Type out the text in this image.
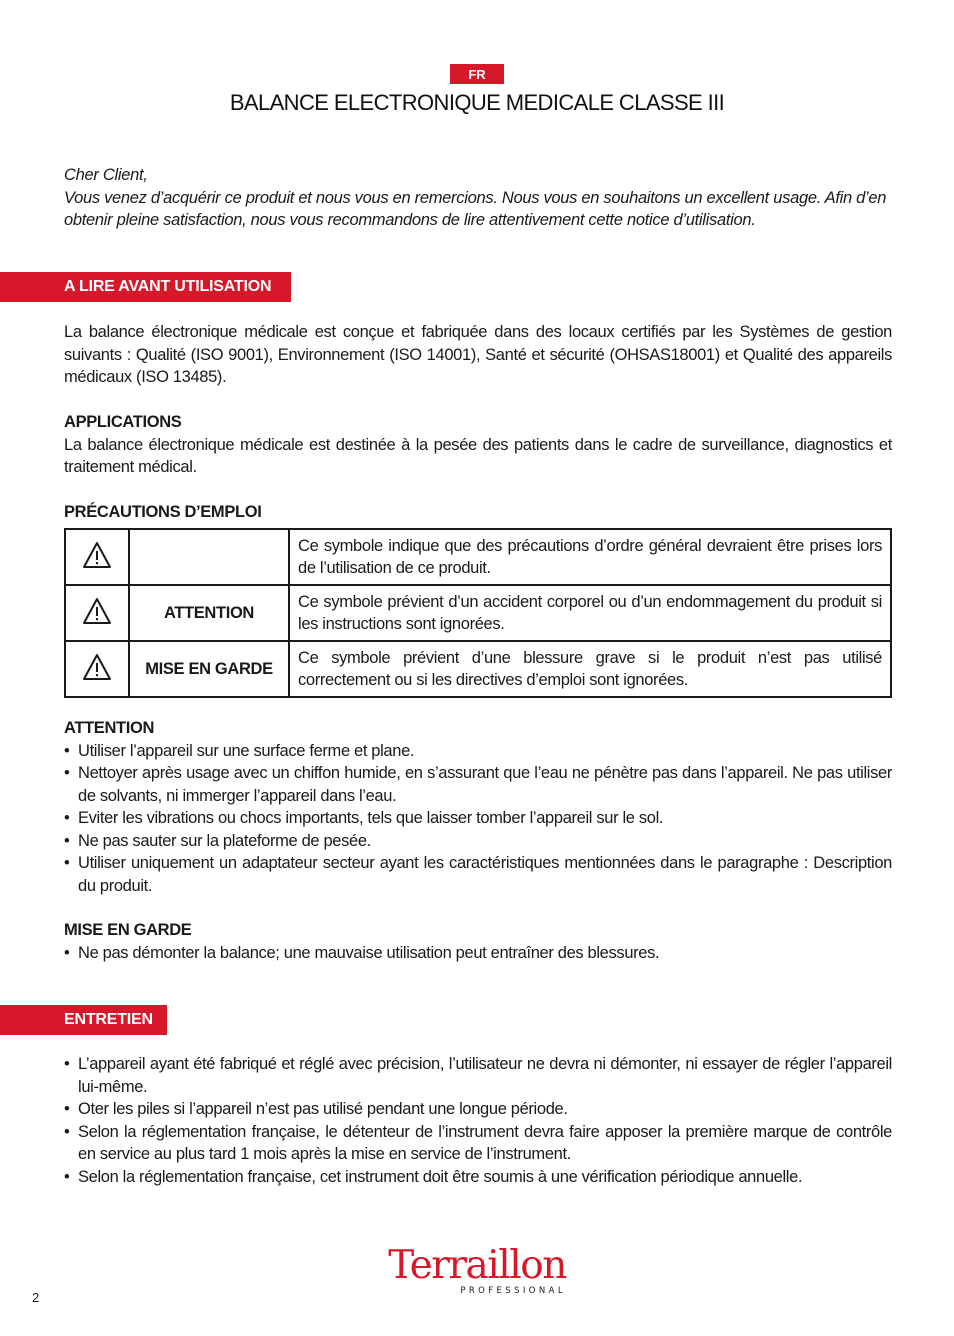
FR
BALANCE ELECTRONIQUE MEDICALE CLASSE III

Cher Client,

Vous venez d’acquérir ce produit et nous vous en remercions. Nous vous en souhaitons un excellent usage. Afin d’en obtenir pleine satisfaction, nous vous recommandons de lire attentivement cette notice d’utilisation.

A LIRE AVANT UTILISATION

La balance électronique médicale est conçue et fabriquée dans des locaux certifiés par les Systèmes de gestion suivants : Qualité (ISO 9001), Environnement (ISO 14001), Santé et sécurité (OHSAS18001) et Qualité des appareils médicaux (ISO 13485).

APPLICATIONS

La balance électronique médicale est destinée à la pesée des patients dans le cadre de surveillance, diagnostics et traitement médical.

PRÉCAUTIONS D’EMPLOI

		Ce symbole indique que des précautions d’ordre général devraient être prises lors de l’utilisation de ce produit.
	ATTENTION	Ce symbole prévient d’un accident corporel ou d’un endommagement du produit si les instructions sont ignorées.
	MISE EN GARDE	Ce symbole prévient d’une blessure grave si le produit n’est pas utilisé correctement ou si les directives d’emploi sont ignorées.

ATTENTION

• Utiliser l’appareil sur une surface ferme et plane.
• Nettoyer après usage avec un chiffon humide, en s’assurant que l’eau ne pénètre pas dans l’appareil. Ne pas utiliser de solvants, ni immerger l’appareil dans l’eau.
• Eviter les vibrations ou chocs importants, tels que laisser tomber l’appareil sur le sol.
• Ne pas sauter sur la plateforme de pesée.
• Utiliser uniquement un adaptateur secteur ayant les caractéristiques mentionnées dans le paragraphe : Description du produit.

MISE EN GARDE

• Ne pas démonter la balance; une mauvaise utilisation peut entraîner des blessures.
ENTRETIEN
• L’appareil ayant été fabriqué et réglé avec précision, l’utilisateur ne devra ni démonter, ni essayer de régler l’appareil lui-même.
• Oter les piles si l’appareil n’est pas utilisé pendant une longue période.
• Selon la réglementation française, le détenteur de l’instrument devra faire apposer la première marque de contrôle en service au plus tard 1 mois après la mise en service de l’instrument.
• Selon la réglementation française, cet instrument doit être soumis à une vérification périodique annuelle.
Terraillon
PROFESSIONAL
2
